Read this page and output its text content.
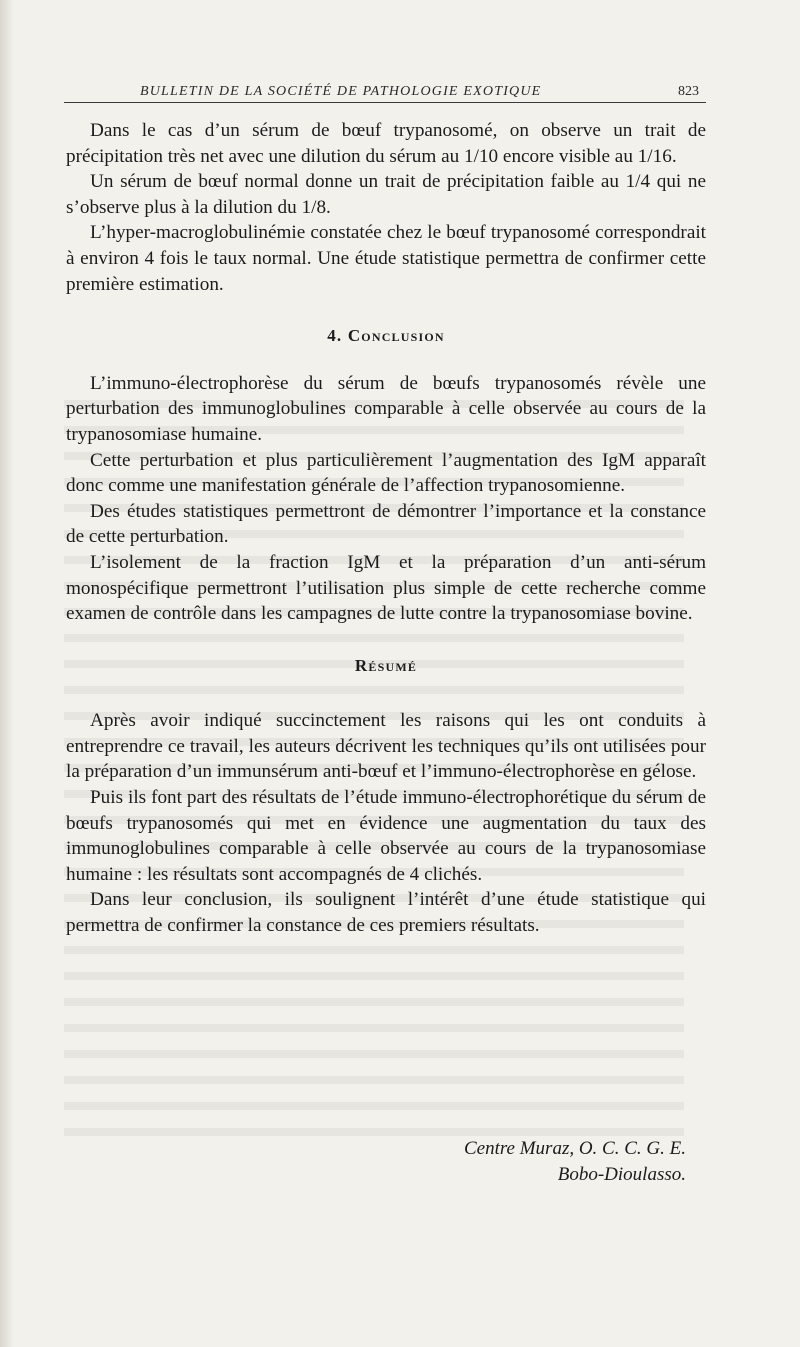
BULLETIN DE LA SOCIÉTÉ DE PATHOLOGIE EXOTIQUE	823

Dans le cas d’un sérum de bœuf trypanosomé, on observe un trait de précipitation très net avec une dilution du sérum au 1/10 encore visible au 1/16.

Un sérum de bœuf normal donne un trait de précipitation faible au 1/4 qui ne s’observe plus à la dilution du 1/8.

L’hyper-macroglobulinémie constatée chez le bœuf trypanosomé correspondrait à environ 4 fois le taux normal. Une étude statistique permettra de confirmer cette première estimation.

4. Conclusion

L’immuno-électrophorèse du sérum de bœufs trypanosomés révèle une perturbation des immunoglobulines comparable à celle observée au cours de la trypanosomiase humaine.

Cette perturbation et plus particulièrement l’augmentation des IgM apparaît donc comme une manifestation générale de l’affection trypanosomienne.

Des études statistiques permettront de démontrer l’importance et la constance de cette perturbation.

L’isolement de la fraction IgM et la préparation d’un anti-sérum monospécifique permettront l’utilisation plus simple de cette recherche comme examen de contrôle dans les campagnes de lutte contre la trypanosomiase bovine.

Résumé

Après avoir indiqué succinctement les raisons qui les ont conduits à entreprendre ce travail, les auteurs décrivent les techniques qu’ils ont utilisées pour la préparation d’un immunsérum anti-bœuf et l’immuno-électrophorèse en gélose.

Puis ils font part des résultats de l’étude immuno-électrophorétique du sérum de bœufs trypanosomés qui met en évidence une augmentation du taux des immunoglobulines comparable à celle observée au cours de la trypanosomiase humaine : les résultats sont accompagnés de 4 clichés.

Dans leur conclusion, ils soulignent l’intérêt d’une étude statistique qui permettra de confirmer la constance de ces premiers résultats.

Centre Muraz, O. C. C. G. E.
Bobo-Dioulasso.
